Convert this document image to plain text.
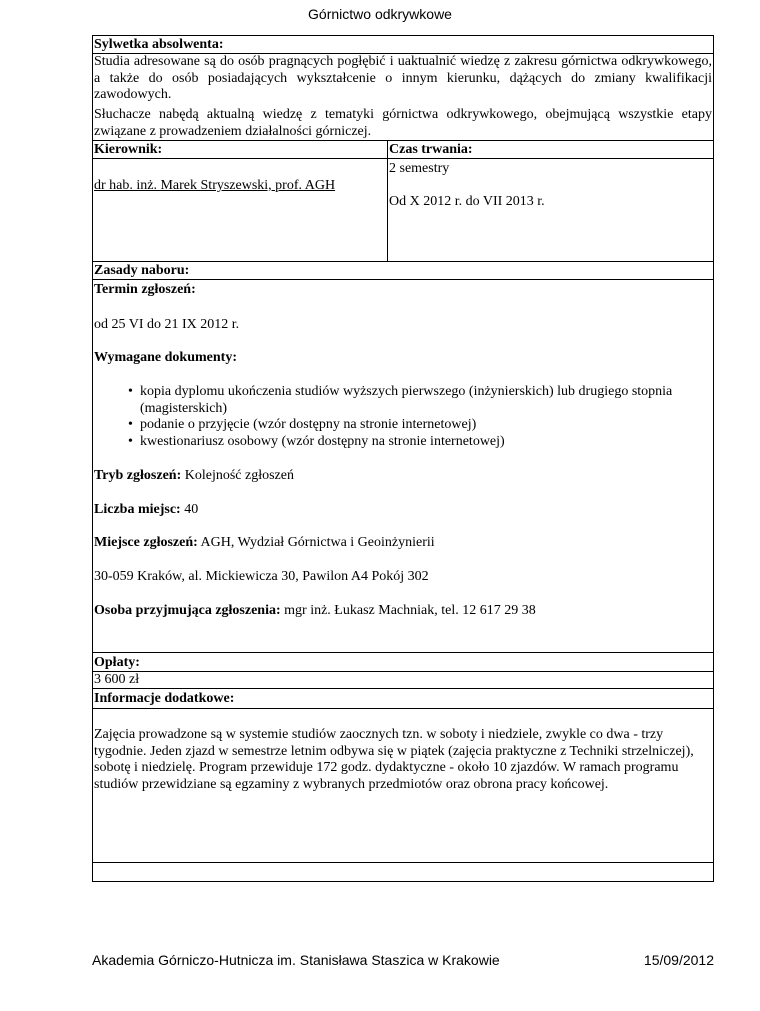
Górnictwo odkrywkowe
Sylwetka absolwenta:
Studia adresowane są do osób pragnących pogłębić i uaktualnić wiedzę z zakresu górnictwa odkrywkowego, a także do osób posiadających wykształcenie o innym kierunku, dążących do zmiany kwalifikacji zawodowych.
Słuchacze nabędą aktualną wiedzę z tematyki górnictwa odkrywkowego, obejmującą wszystkie etapy związane z prowadzeniem działalności górniczej.
Kierownik:	Czas trwania:
dr hab. inż. Marek Stryszewski, prof. AGH
2 semestry
Od X 2012 r. do VII 2013 r.
Zasady naboru:
Termin zgłoszeń:
od 25 VI do 21 IX 2012 r.
Wymagane dokumenty:
• kopia dyplomu ukończenia studiów wyższych pierwszego (inżynierskich) lub drugiego stopnia (magisterskich)
• podanie o przyjęcie (wzór dostępny na stronie internetowej)
• kwestionariusz osobowy (wzór dostępny na stronie internetowej)
Tryb zgłoszeń: Kolejność zgłoszeń
Liczba miejsc: 40
Miejsce zgłoszeń: AGH, Wydział Górnictwa i Geoinżynierii
30-059 Kraków, al. Mickiewicza 30, Pawilon A4 Pokój 302
Osoba przyjmująca zgłoszenia: mgr inż. Łukasz Machniak, tel. 12 617 29 38
Opłaty:
3 600 zł
Informacje dodatkowe:
Zajęcia prowadzone są w systemie studiów zaocznych tzn. w soboty i niedziele, zwykle co dwa - trzy tygodnie. Jeden zjazd w semestrze letnim odbywa się w piątek (zajęcia praktyczne z Techniki strzelniczej), sobotę i niedzielę. Program przewiduje 172 godz. dydaktyczne - około 10 zjazdów. W ramach programu studiów przewidziane są egzaminy z wybranych przedmiotów oraz obrona pracy końcowej.
Akademia Górniczo-Hutnicza im. Stanisława Staszica w Krakowie	15/09/2012
